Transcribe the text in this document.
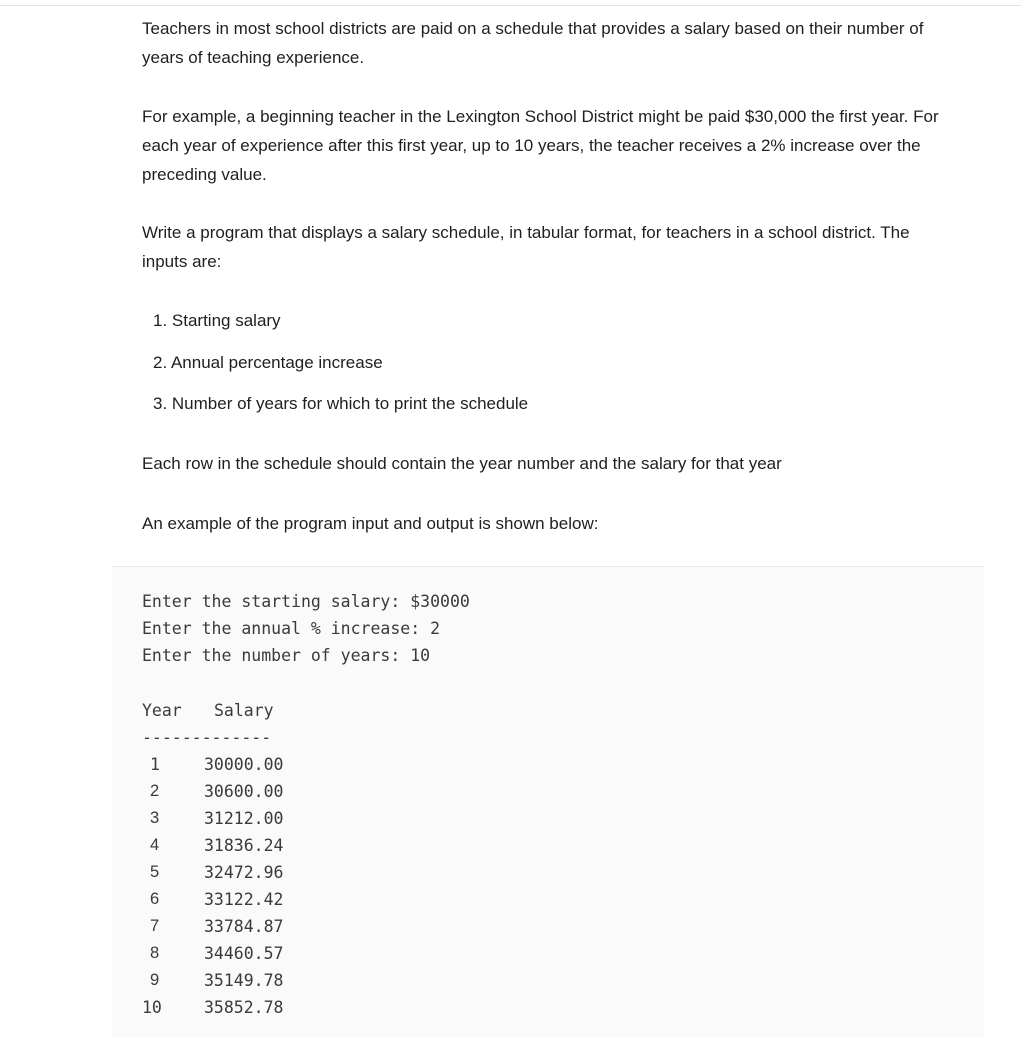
Teachers in most school districts are paid on a schedule that provides a salary based on their number of years of teaching experience.

For example, a beginning teacher in the Lexington School District might be paid $30,000 the first year. For each year of experience after this first year, up to 10 years, the teacher receives a 2% increase over the preceding value.

Write a program that displays a salary schedule, in tabular format, for teachers in a school district. The inputs are:

1. Starting salary
2. Annual percentage increase
3. Number of years for which to print the schedule

Each row in the schedule should contain the year number and the salary for that year

An example of the program input and output is shown below:

Enter the starting salary: $30000
Enter the annual % increase: 2
Enter the number of years: 10
Year Salary
-------------
1	30000.00
2	30600.00
3	31212.00
4	31836.24
5	32472.96
6	33122.42
7	33784.87
8	34460.57
9	35149.78
10	35852.78
